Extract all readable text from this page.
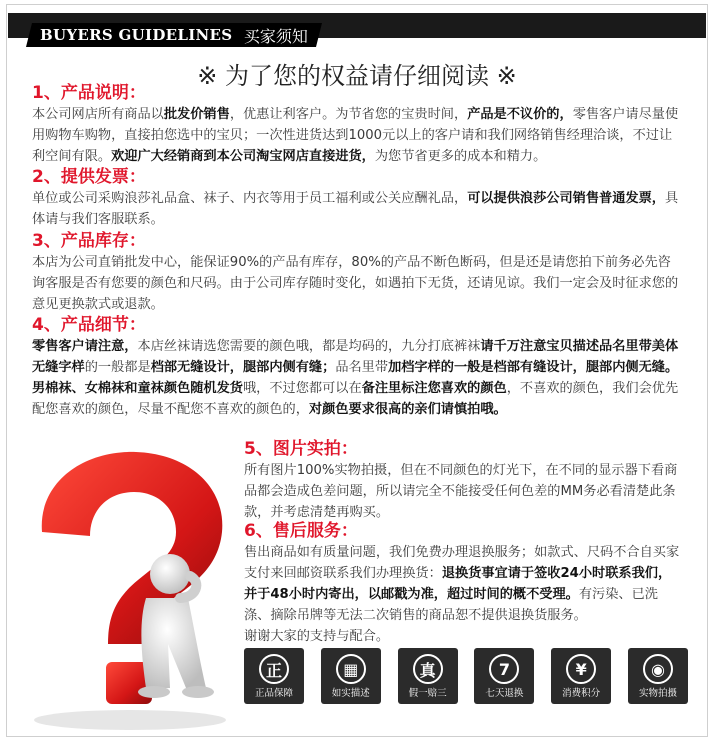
BUYERS GUIDELINES 买家须知
※ 为了您的权益请仔细阅读 ※
1、产品说明：
本公司网店所有商品以批发价销售，优惠让利客户。为节省您的宝贵时间，产品是不议价的，零售客户请尽量使用购物车购物，直接拍您选中的宝贝；一次性进货达到1000元以上的客户请和我们网络销售经理洽谈，不过让利空间有限。欢迎广大经销商到本公司淘宝网店直接进货，为您节省更多的成本和精力。
2、提供发票：
单位或公司采购浪莎礼品盒、袜子、内衣等用于员工福利或公关应酬礼品，可以提供浪莎公司销售普通发票，具体请与我们客服联系。
3、产品库存：
本店为公司直销批发中心，能保证90%的产品有库存，80%的产品不断色断码，但是还是请您拍下前务必先咨询客服是否有您要的颜色和尺码。由于公司库存随时变化，如遇拍下无货，还请见谅。我们一定会及时征求您的意见更换款式或退款。
4、产品细节：
零售客户请注意，本店丝袜请选您需要的颜色哦，都是均码的，九分打底裤袜请千万注意宝贝描述品名里带美体无缝字样的一般都是档部无缝设计，腿部内侧有缝；品名里带加档字样的一般是档部有缝设计，腿部内侧无缝。
男棉袜、女棉袜和童袜颜色随机发货哦，不过您都可以在备注里标注您喜欢的颜色，不喜欢的颜色，我们会优先配您喜欢的颜色，尽量不配您不喜欢的颜色的，对颜色要求很高的亲们请慎拍哦。
5、图片实拍：
所有图片100%实物拍摄，但在不同颜色的灯光下，在不同的显示器下看商品都会造成色差问题，所以请完全不能接受任何色差的MM务必看清楚此条款，并考虑清楚再购买。
6、售后服务：
售出商品如有质量问题，我们免费办理退换服务；如款式、尺码不合自买家支付来回邮资联系我们办理换货：退换货事宜请于签收24小时联系我们，并于48小时内寄出，以邮戳为准，超过时间的概不受理。有污染、已洗涤、摘除吊牌等无法二次销售的商品恕不提供退换货服务。
谢谢大家的支持与配合。
正
正品保障
▦
如实描述
真
假一赔三
7
七天退换
¥
消费积分
◉
实物拍摄
